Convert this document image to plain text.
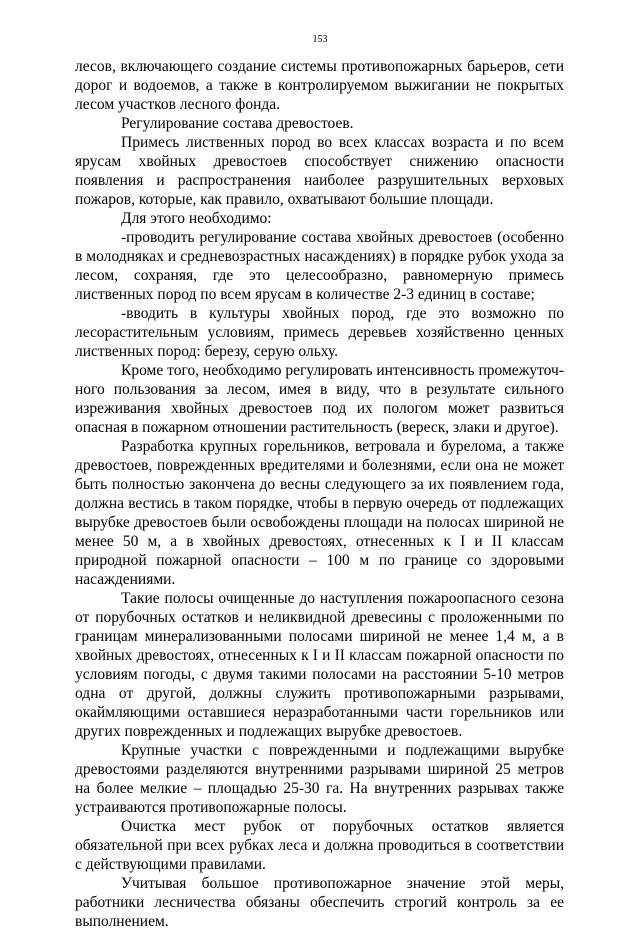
153

лесов, включающего создание системы противопожарных барьеров, сети дорог и водоемов, а также в контролируемом выжигании не покрытых лесом участков лесного фонда.

Регулирование состава древостоев.

Примесь лиственных пород во всех классах возраста и по всем ярусам хвойных древостоев способствует снижению опасности появления и распространения наиболее разрушительных верховых пожаров, которые, как правило, охватывают большие площади.

Для этого необходимо:

-проводить регулирование состава хвойных древостоев (особенно в молодняках и средневозрастных насаждениях) в порядке рубок ухода за лесом, сохраняя, где это целесообразно, равномерную примесь лиственных пород по всем ярусам в количестве 2-3 единиц в составе;

-вводить в культуры хвойных пород, где это возможно по лесорастительным условиям, примесь деревьев хозяйственно ценных лиственных пород: березу, серую ольху.

Кроме того, необходимо регулировать интенсивность промежуточного пользования за лесом, имея в виду, что в результате сильного изреживания хвойных древостоев под их пологом может развиться опасная в пожарном отношении растительность (вереск, злаки и другое).

Разработка крупных горельников, ветровала и бурелома, а также древостоев, поврежденных вредителями и болезнями, если она не может быть полностью закончена до весны следующего за их появлением года, должна вестись в таком порядке, чтобы в первую очередь от подлежащих вырубке древостоев были освобождены площади на полосах шириной не менее 50 м, а в хвойных древостоях, отнесенных к I и II классам природной пожарной опасности – 100 м по границе со здоровыми насаждениями.

Такие полосы очищенные до наступления пожароопасного сезона от порубочных остатков и неликвидной древесины с проложенными по границам минерализованными полосами шириной не менее 1,4 м, а в хвойных древостоях, отнесенных к I и II классам пожарной опасности по условиям погоды, с двумя такими полосами на расстоянии 5-10 метров одна от другой, должны служить противопожарными разрывами, окаймляющими оставшиеся неразработанными части горельников или других поврежденных и подлежащих вырубке древостоев.

Крупные участки с поврежденными и подлежащими вырубке древостоями разделяются внутренними разрывами шириной 25 метров на более мелкие – площадью 25-30 га. На внутренних разрывах также устраиваются противопожарные полосы.

Очистка мест рубок от порубочных остатков является обязательной при всех рубках леса и должна проводиться в соответствии с действующими правилами.

Учитывая большое противопожарное значение этой меры, работники лесничества обязаны обеспечить строгий контроль за ее выполнением.
